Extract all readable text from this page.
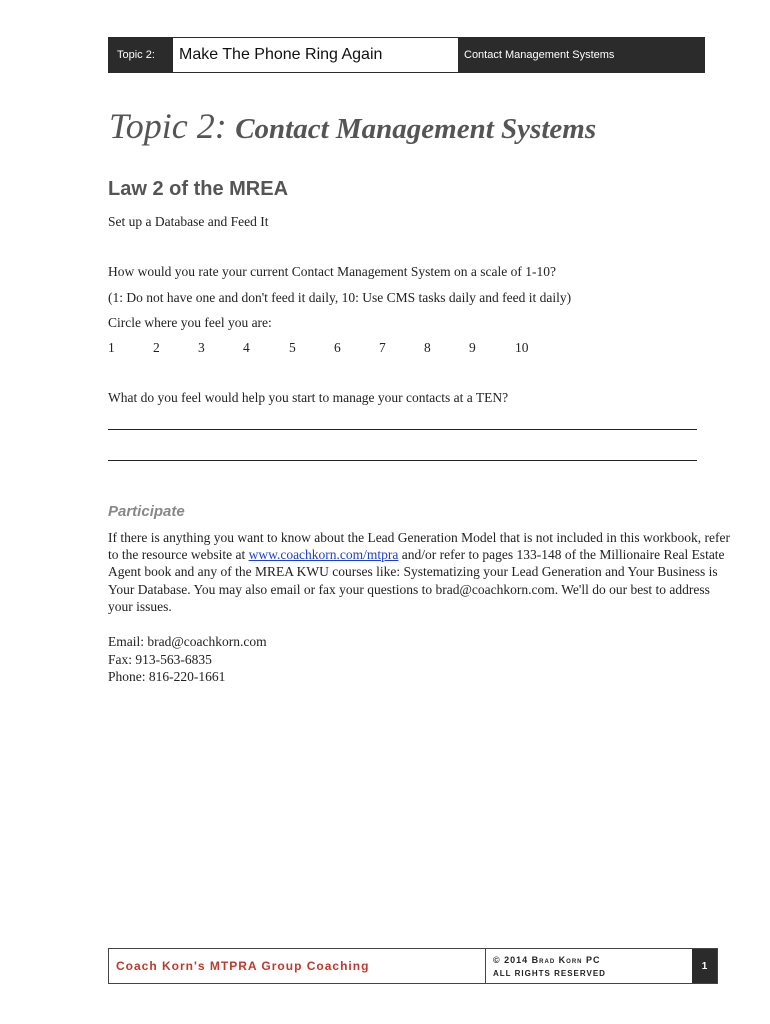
Topic 2:	Make The Phone Ring Again	Contact Management Systems
Topic 2: Contact Management Systems
Law 2 of the MREA

Set up a Database and Feed It

How would you rate your current Contact Management System on a scale of 1-10?

(1: Do not have one and don't feed it daily, 10: Use CMS tasks daily and feed it daily)

Circle where you feel you are:

1	2	3	4	5	6	7	8	9	10

What do you feel would help you start to manage your contacts at a TEN?

Participate

If there is anything you want to know about the Lead Generation Model that is not included in this workbook, refer to the resource website at www.coachkorn.com/mtpra and/or refer to pages 133-148 of the Millionaire Real Estate Agent book and any of the MREA KWU courses like: Systematizing your Lead Generation and Your Business is Your Database. You may also email or fax your questions to brad@coachkorn.com. We'll do our best to address your issues.

Email: brad@coachkorn.com
Fax: 913-563-6835
Phone: 816-220-1661
Coach Korn's MTPRA Group Coaching	© 2014 Brad Korn PC
ALL RIGHTS RESERVED
1
